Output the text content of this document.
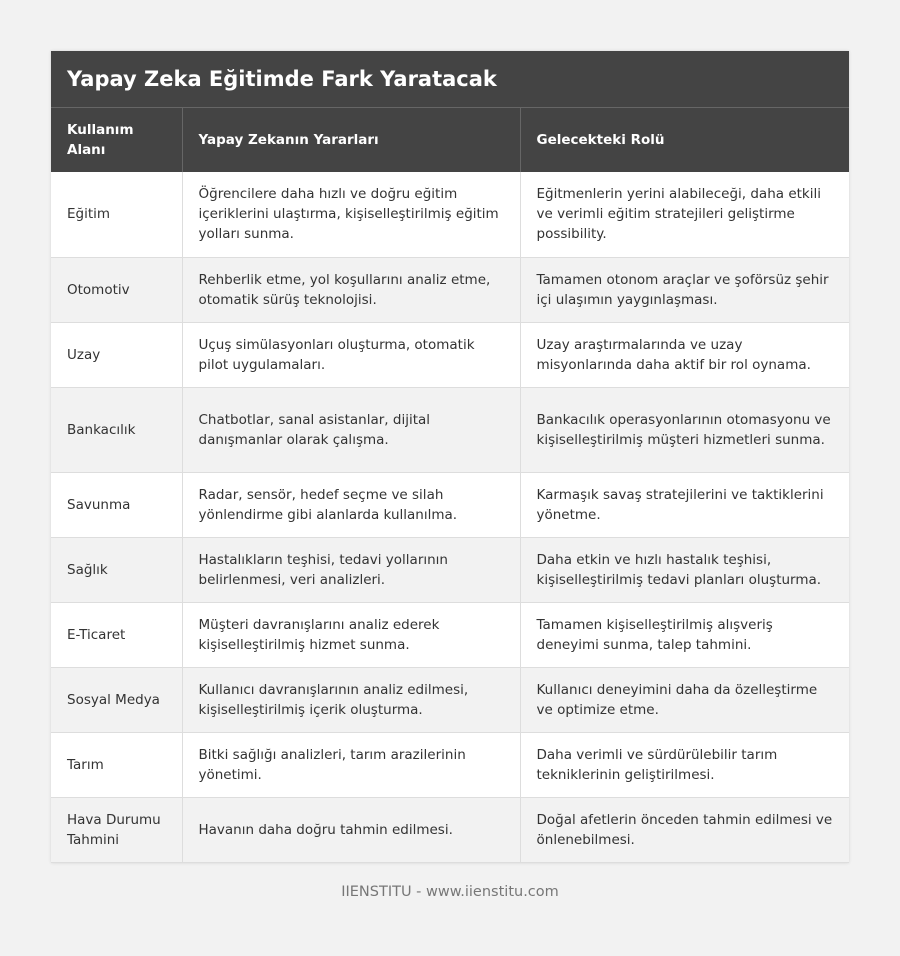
Yapay Zeka Eğitimde Fark Yaratacak
Kullanım Alanı	Yapay Zekanın Yararları	Gelecekteki Rolü
Eğitim	Öğrencilere daha hızlı ve doğru eğitim içeriklerini ulaştırma, kişiselleştirilmiş eğitim yolları sunma.	Eğitmenlerin yerini alabileceği, daha etkili ve verimli eğitim stratejileri geliştirme possibility.
Otomotiv	Rehberlik etme, yol koşullarını analiz etme, otomatik sürüş teknolojisi.	Tamamen otonom araçlar ve şoförsüz şehir içi ulaşımın yaygınlaşması.
Uzay	Uçuş simülasyonları oluşturma, otomatik pilot uygulamaları.	Uzay araştırmalarında ve uzay misyonlarında daha aktif bir rol oynama.
Bankacılık	Chatbotlar, sanal asistanlar, dijital danışmanlar olarak çalışma.	Bankacılık operasyonlarının otomasyonu ve kişiselleştirilmiş müşteri hizmetleri sunma.
Savunma	Radar, sensör, hedef seçme ve silah yönlendirme gibi alanlarda kullanılma.	Karmaşık savaş stratejilerini ve taktiklerini yönetme.
Sağlık	Hastalıkların teşhisi, tedavi yollarının belirlenmesi, veri analizleri.	Daha etkin ve hızlı hastalık teşhisi, kişiselleştirilmiş tedavi planları oluşturma.
E-Ticaret	Müşteri davranışlarını analiz ederek kişiselleştirilmiş hizmet sunma.	Tamamen kişiselleştirilmiş alışveriş deneyimi sunma, talep tahmini.
Sosyal Medya	Kullanıcı davranışlarının analiz edilmesi, kişiselleştirilmiş içerik oluşturma.	Kullanıcı deneyimini daha da özelleştirme ve optimize etme.
Tarım	Bitki sağlığı analizleri, tarım arazilerinin yönetimi.	Daha verimli ve sürdürülebilir tarım tekniklerinin geliştirilmesi.
Hava Durumu Tahmini	Havanın daha doğru tahmin edilmesi.	Doğal afetlerin önceden tahmin edilmesi ve önlenebilmesi.
IIENSTITU - www.iienstitu.com
